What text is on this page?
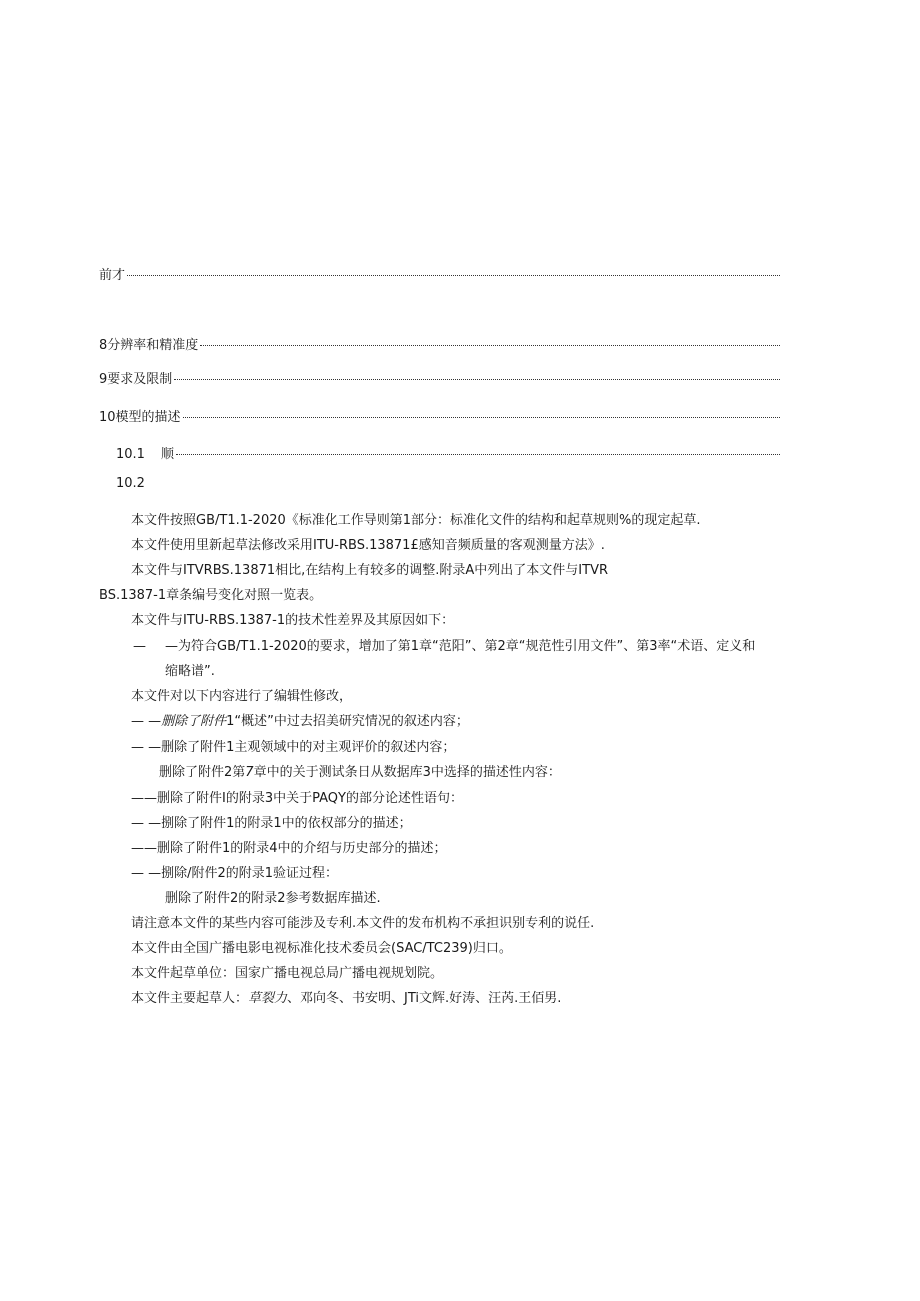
前才
8分辨率和精准度
9要求及限制
10模型的描述
10.1 顺
10.2
本文件按照GB/T1.1-2020《标准化工作导则第1部分：标准化文件的结构和起草规则%的现定起草.
本文件使用里新起草法修改采用ITU-RBS.13871£感知音频质量的客观测量方法》.
本文件与ITVRBS.13871相比,在结构上有较多的调整.附录A中列出了本文件与ITVR
BS.1387-1章条编号变化对照一览表。
本文件与ITU-RBS.1387-1的技术性差界及其原因如下：
— —为符合GB/T1.1-2020的要求，增加了第1章“范阳”、第2章“规范性引用文件”、第3率“术语、定义和
缩略谱”.
本文件对以下内容进行了编辑性修改，
— —删除了附件1“概述”中过去招美研究情况的叙述内容；
— —删除了附件1主观领域中的对主观评价的叙述内容；
删除了附件2第7章中的关于测试条日从数据库3中选择的描述性内容：
——删除了附件I的附录3中关于PAQY的部分论述性语句：
— —捌除了附件1的附录1中的依权部分的描述；
——删除了附件1的附录4中的介绍与历史部分的描述；
— —捌除/附件2的附录1验证过程：
删除了附件2的附录2参考数据库描述.
请注意本文件的某些内容可能涉及专利.本文件的发布机构不承担识别专利的说任.
本文件由全国广播电影电视标准化技术委员会(SAC/TC239)归口。
本文件起草单位：国家广播电视总局广播电视规划院。
本文件主要起草人：草裂力、邓向冬、书安明、JTi文辉.好涛、汪芮.王佰男.
